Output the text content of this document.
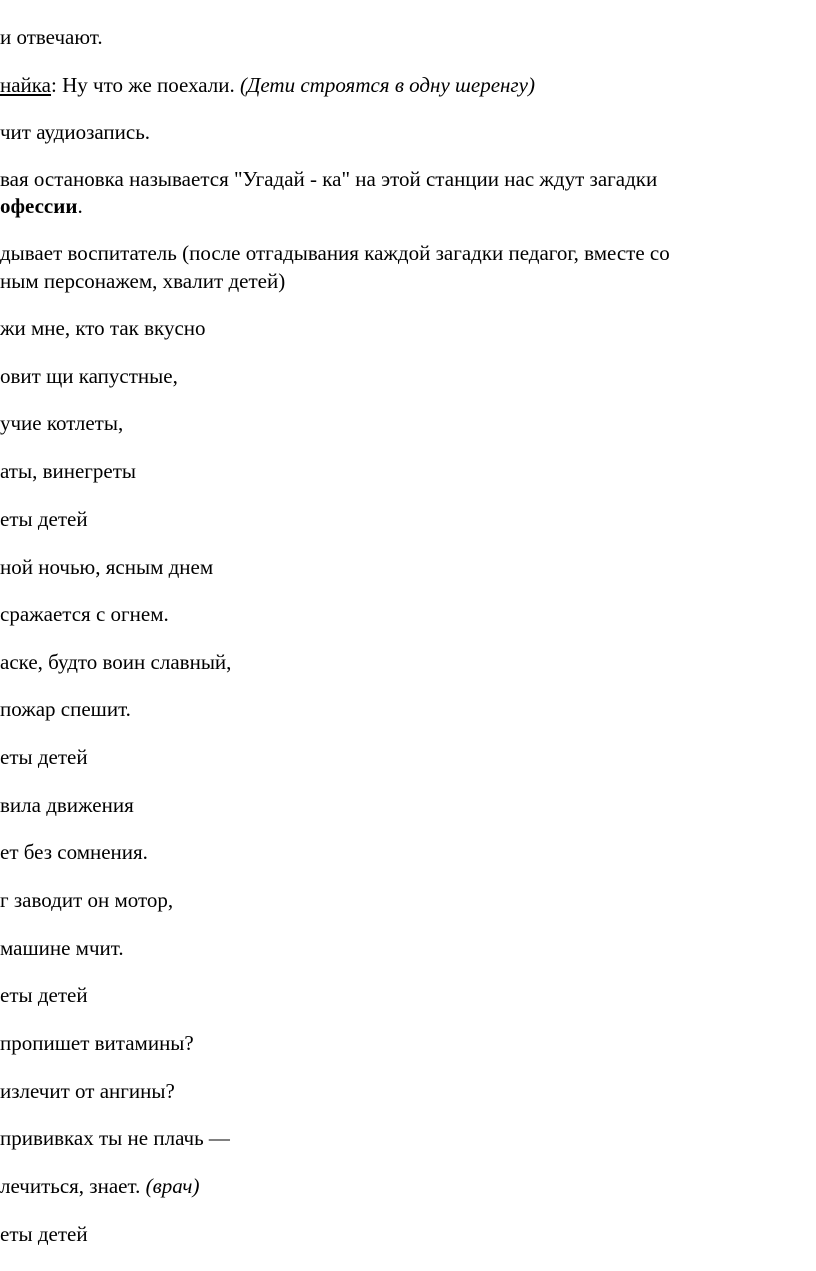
и отвечают.
найка: Ну что же поехали. (Дети строятся в одну шеренгу)
чит аудиозапись.
вая остановка называется "Угадай - ка" на этой станции нас ждут загадки
офессии.
дывает воспитатель (после отгадывания каждой загадки педагог, вместе со
ным персонажем, хвалит детей)
жи мне, кто так вкусно
овит щи капустные,
учие котлеты,
аты, винегреты
еты детей
ной ночью, ясным днем
сражается с огнем.
аске, будто воин славный,
пожар спешит.
еты детей
вила движения
ет без сомнения.
г заводит он мотор,
машине мчит.
еты детей
пропишет витамины?
излечит от ангины?
прививках ты не плачь —
лечиться, знает. (врач)
еты детей
